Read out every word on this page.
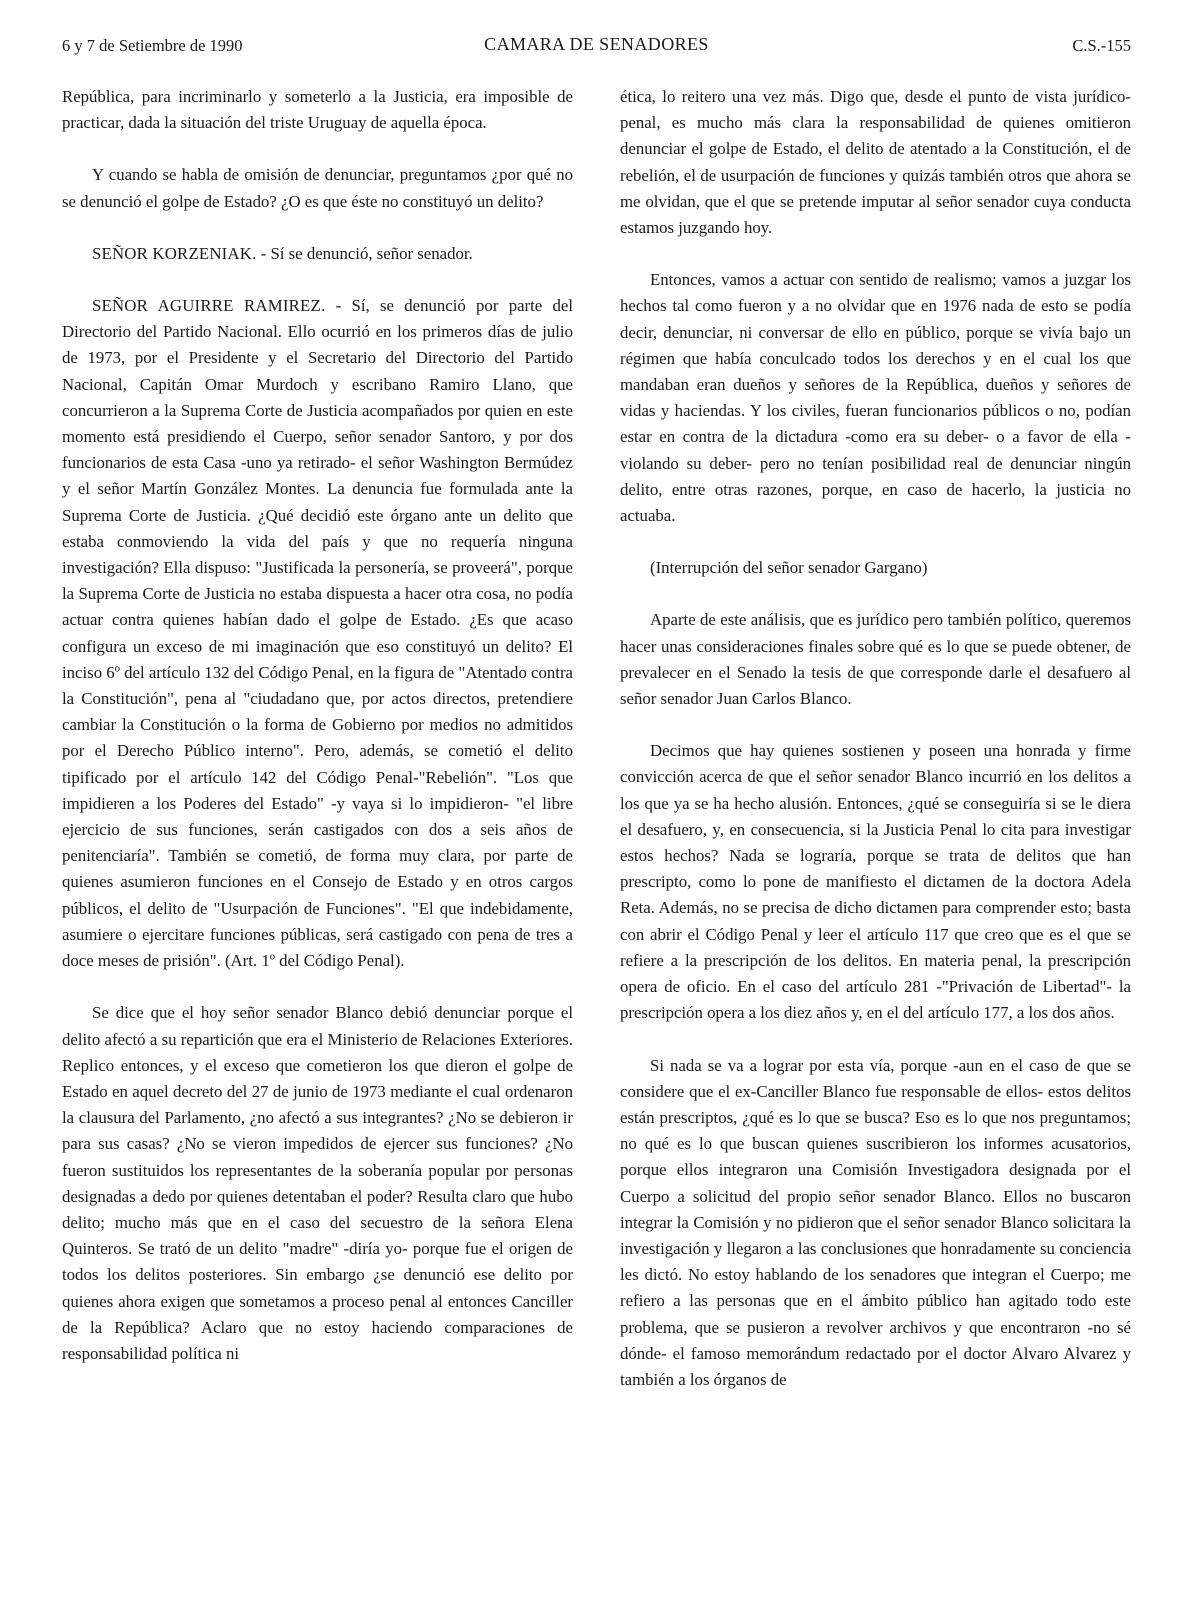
6 y 7 de Setiembre de 1990	CAMARA DE SENADORES	C.S.-155

República, para incriminarlo y someterlo a la Justicia, era imposible de practicar, dada la situación del triste Uruguay de aquella época.

Y cuando se habla de omisión de denunciar, preguntamos ¿por qué no se denunció el golpe de Estado? ¿O es que éste no constituyó un delito?

SEÑOR KORZENIAK. - Sí se denunció, señor senador.

SEÑOR AGUIRRE RAMIREZ. - Sí, se denunció por parte del Directorio del Partido Nacional. Ello ocurrió en los primeros días de julio de 1973, por el Presidente y el Secretario del Directorio del Partido Nacional, Capitán Omar Murdoch y escribano Ramiro Llano, que concurrieron a la Suprema Corte de Justicia acompañados por quien en este momento está presidiendo el Cuerpo, señor senador Santoro, y por dos funcionarios de esta Casa -uno ya retirado- el señor Washington Bermúdez y el señor Martín González Montes. La denuncia fue formulada ante la Suprema Corte de Justicia. ¿Qué decidió este órgano ante un delito que estaba conmoviendo la vida del país y que no requería ninguna investigación? Ella dispuso: "Justificada la personería, se proveerá", porque la Suprema Corte de Justicia no estaba dispuesta a hacer otra cosa, no podía actuar contra quienes habían dado el golpe de Estado. ¿Es que acaso configura un exceso de mi imaginación que eso constituyó un delito? El inciso 6º del artículo 132 del Código Penal, en la figura de "Atentado contra la Constitución", pena al "ciudadano que, por actos directos, pretendiere cambiar la Constitución o la forma de Gobierno por medios no admitidos por el Derecho Público interno". Pero, además, se cometió el delito tipificado por el artículo 142 del Código Penal-"Rebelión". "Los que impidieren a los Poderes del Estado" -y vaya si lo impidieron- "el libre ejercicio de sus funciones, serán castigados con dos a seis años de penitenciaría". También se cometió, de forma muy clara, por parte de quienes asumieron funciones en el Consejo de Estado y en otros cargos públicos, el delito de "Usurpación de Funciones". "El que indebidamente, asumiere o ejercitare funciones públicas, será castigado con pena de tres a doce meses de prisión". (Art. 1º del Código Penal).

Se dice que el hoy señor senador Blanco debió denunciar porque el delito afectó a su repartición que era el Ministerio de Relaciones Exteriores. Replico entonces, y el exceso que cometieron los que dieron el golpe de Estado en aquel decreto del 27 de junio de 1973 mediante el cual ordenaron la clausura del Parlamento, ¿no afectó a sus integrantes? ¿No se debieron ir para sus casas? ¿No se vieron impedidos de ejercer sus funciones? ¿No fueron sustituidos los representantes de la soberanía popular por personas designadas a dedo por quienes detentaban el poder? Resulta claro que hubo delito; mucho más que en el caso del secuestro de la señora Elena Quinteros. Se trató de un delito "madre" -diría yo- porque fue el origen de todos los delitos posteriores. Sin embargo ¿se denunció ese delito por quienes ahora exigen que sometamos a proceso penal al entonces Canciller de la República? Aclaro que no estoy haciendo comparaciones de responsabilidad política ni

ética, lo reitero una vez más. Digo que, desde el punto de vista jurídico-penal, es mucho más clara la responsabilidad de quienes omitieron denunciar el golpe de Estado, el delito de atentado a la Constitución, el de rebelión, el de usurpación de funciones y quizás también otros que ahora se me olvidan, que el que se pretende imputar al señor senador cuya conducta estamos juzgando hoy.

Entonces, vamos a actuar con sentido de realismo; vamos a juzgar los hechos tal como fueron y a no olvidar que en 1976 nada de esto se podía decir, denunciar, ni conversar de ello en público, porque se vivía bajo un régimen que había conculcado todos los derechos y en el cual los que mandaban eran dueños y señores de la República, dueños y señores de vidas y haciendas. Y los civiles, fueran funcionarios públicos o no, podían estar en contra de la dictadura -como era su deber- o a favor de ella -violando su deber- pero no tenían posibilidad real de denunciar ningún delito, entre otras razones, porque, en caso de hacerlo, la justicia no actuaba.

(Interrupción del señor senador Gargano)

Aparte de este análisis, que es jurídico pero también político, queremos hacer unas consideraciones finales sobre qué es lo que se puede obtener, de prevalecer en el Senado la tesis de que corresponde darle el desafuero al señor senador Juan Carlos Blanco.

Decimos que hay quienes sostienen y poseen una honrada y firme convicción acerca de que el señor senador Blanco incurrió en los delitos a los que ya se ha hecho alusión. Entonces, ¿qué se conseguiría si se le diera el desafuero, y, en consecuencia, si la Justicia Penal lo cita para investigar estos hechos? Nada se lograría, porque se trata de delitos que han prescripto, como lo pone de manifiesto el dictamen de la doctora Adela Reta. Además, no se precisa de dicho dictamen para comprender esto; basta con abrir el Código Penal y leer el artículo 117 que creo que es el que se refiere a la prescripción de los delitos. En materia penal, la prescripción opera de oficio. En el caso del artículo 281 -"Privación de Libertad"- la prescripción opera a los diez años y, en el del artículo 177, a los dos años.

Si nada se va a lograr por esta vía, porque -aun en el caso de que se considere que el ex-Canciller Blanco fue responsable de ellos- estos delitos están prescriptos, ¿qué es lo que se busca? Eso es lo que nos preguntamos; no qué es lo que buscan quienes suscribieron los informes acusatorios, porque ellos integraron una Comisión Investigadora designada por el Cuerpo a solicitud del propio señor senador Blanco. Ellos no buscaron integrar la Comisión y no pidieron que el señor senador Blanco solicitara la investigación y llegaron a las conclusiones que honradamente su conciencia les dictó. No estoy hablando de los senadores que integran el Cuerpo; me refiero a las personas que en el ámbito público han agitado todo este problema, que se pusieron a revolver archivos y que encontraron -no sé dónde- el famoso memorándum redactado por el doctor Alvaro Alvarez y también a los órganos de
